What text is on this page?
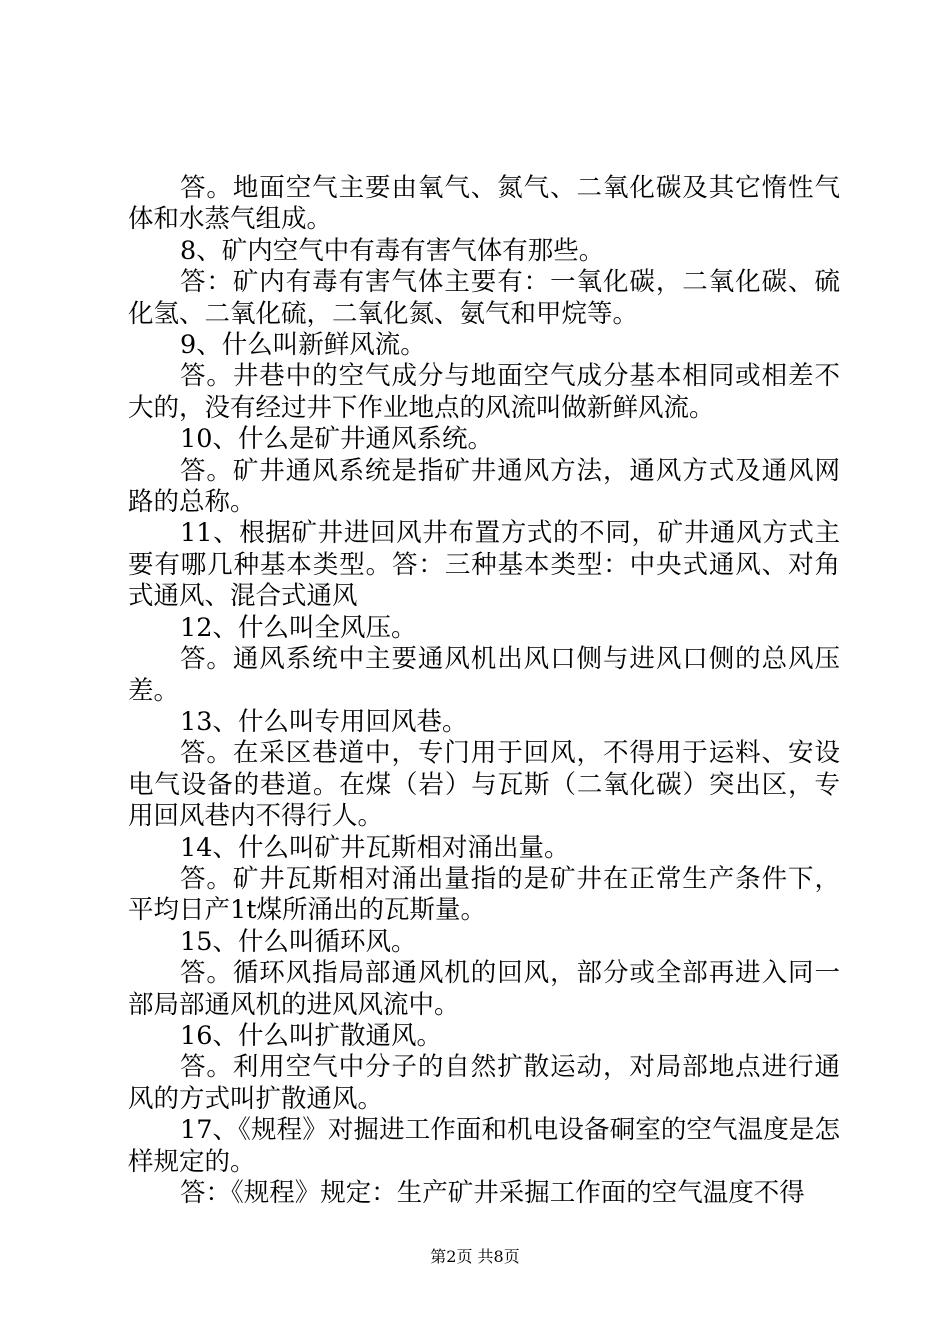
答。地面空气主要由氧气、氮气、二氧化碳及其它惰性气体和水蒸气组成。

8、矿内空气中有毒有害气体有那些。

答：矿内有毒有害气体主要有：一氧化碳，二氧化碳、硫化氢、二氧化硫，二氧化氮、氨气和甲烷等。

9、什么叫新鲜风流。

答。井巷中的空气成分与地面空气成分基本相同或相差不大的，没有经过井下作业地点的风流叫做新鲜风流。

10、什么是矿井通风系统。

答。矿井通风系统是指矿井通风方法，通风方式及通风网路的总称。

11、根据矿井进回风井布置方式的不同，矿井通风方式主要有哪几种基本类型。答：三种基本类型：中央式通风、对角式通风、混合式通风

12、什么叫全风压。

答。通风系统中主要通风机出风口侧与进风口侧的总风压差。

13、什么叫专用回风巷。

答。在采区巷道中，专门用于回风，不得用于运料、安设电气设备的巷道。在煤（岩）与瓦斯（二氧化碳）突出区，专用回风巷内不得行人。

14、什么叫矿井瓦斯相对涌出量。

答。矿井瓦斯相对涌出量指的是矿井在正常生产条件下，平均日产1t煤所涌出的瓦斯量。

15、什么叫循环风。

答。循环风指局部通风机的回风，部分或全部再进入同一部局部通风机的进风风流中。

16、什么叫扩散通风。

答。利用空气中分子的自然扩散运动，对局部地点进行通风的方式叫扩散通风。

17、《规程》对掘进工作面和机电设备硐室的空气温度是怎样规定的。

答：《规程》规定：生产矿井采掘工作面的空气温度不得

第2页 共8页
